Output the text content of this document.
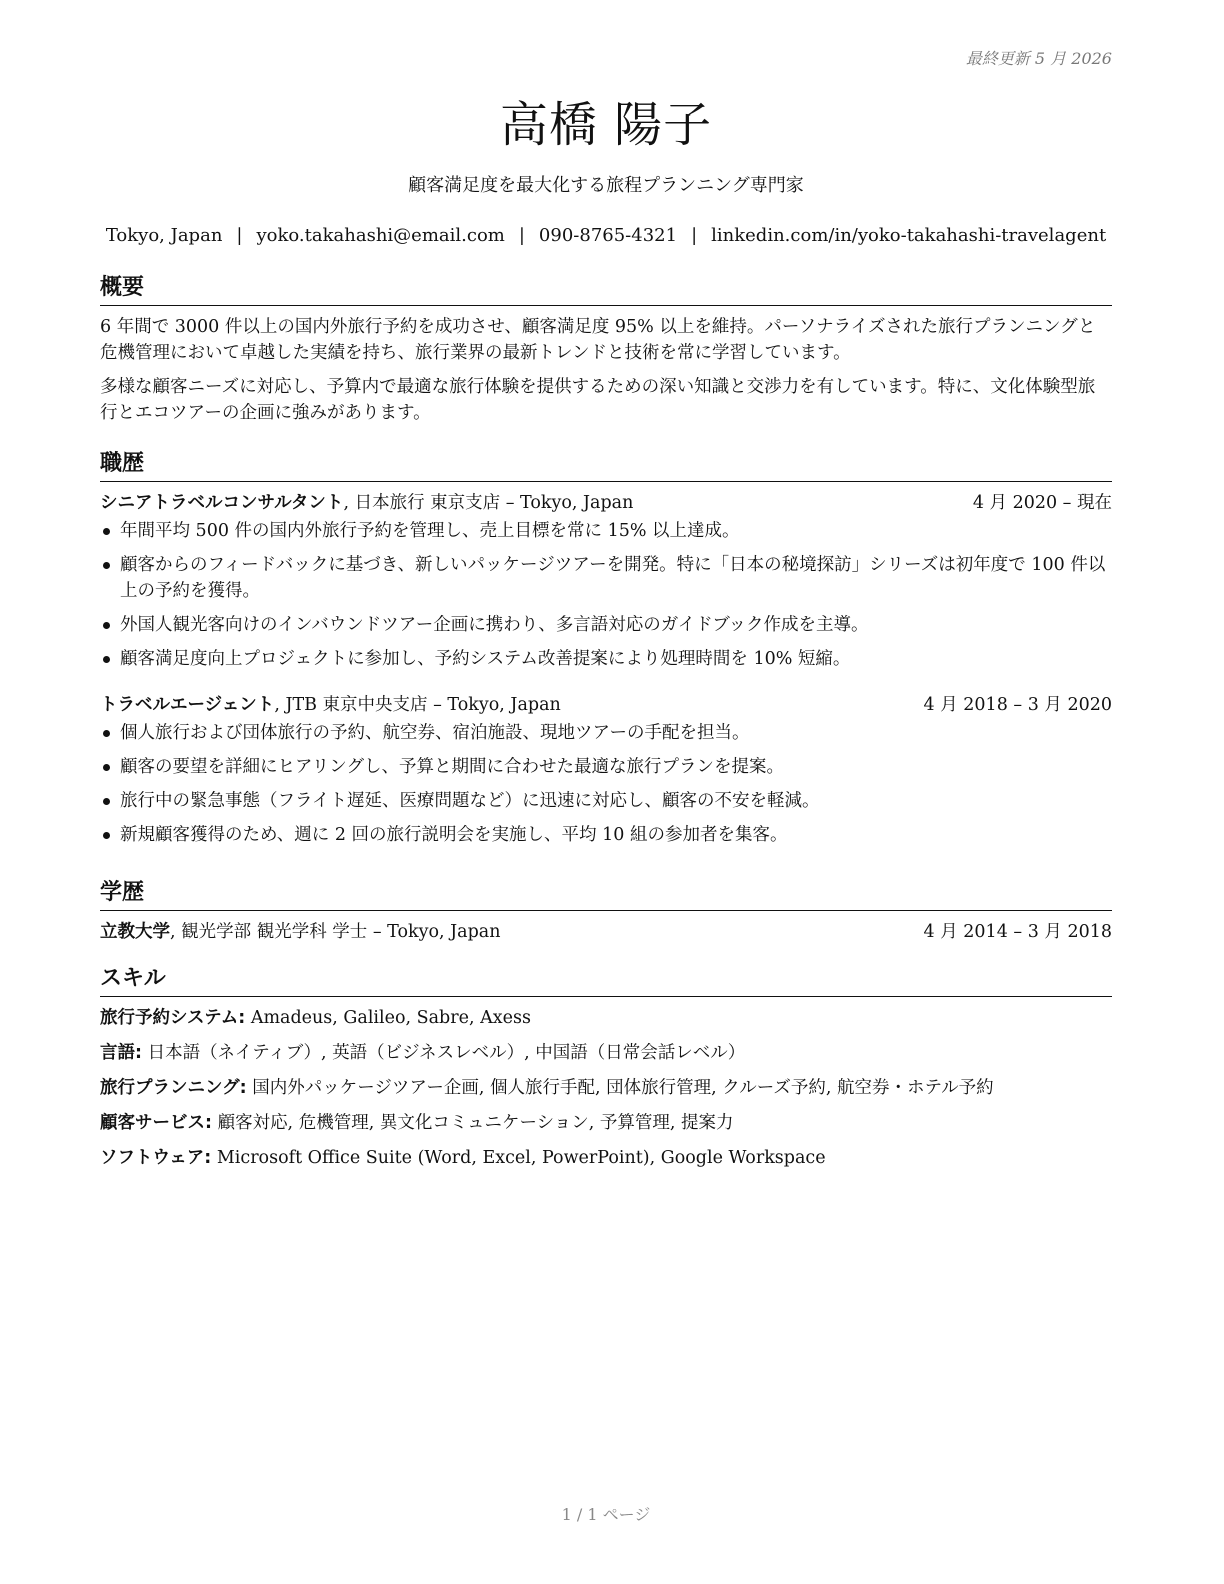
最終更新 5 月 2026
高橋 陽子
顧客満足度を最大化する旅程プランニング専門家
Tokyo, Japan | yoko.takahashi@email.com | 090-8765-4321 | linkedin.com/in/yoko-takahashi-travelagent
概要

6 年間で 3000 件以上の国内外旅行予約を成功させ、顧客満足度 95% 以上を維持。パーソナライズされた旅行プランニングと危機管理において卓越した実績を持ち、旅行業界の最新トレンドと技術を常に学習しています。

多様な顧客ニーズに対応し、予算内で最適な旅行体験を提供するための深い知識と交渉力を有しています。特に、文化体験型旅行とエコツアーの企画に強みがあります。

職歴
シニアトラベルコンサルタント, 日本旅行 東京支店 – Tokyo, Japan	4 月 2020 – 現在
年間平均 500 件の国内外旅行予約を管理し、売上目標を常に 15% 以上達成。
顧客からのフィードバックに基づき、新しいパッケージツアーを開発。特に「日本の秘境探訪」シリーズは初年度で 100 件以上の予約を獲得。
外国人観光客向けのインバウンドツアー企画に携わり、多言語対応のガイドブック作成を主導。
顧客満足度向上プロジェクトに参加し、予約システム改善提案により処理時間を 10% 短縮。
トラベルエージェント, JTB 東京中央支店 – Tokyo, Japan	4 月 2018 – 3 月 2020
個人旅行および団体旅行の予約、航空券、宿泊施設、現地ツアーの手配を担当。
顧客の要望を詳細にヒアリングし、予算と期間に合わせた最適な旅行プランを提案。
旅行中の緊急事態（フライト遅延、医療問題など）に迅速に対応し、顧客の不安を軽減。
新規顧客獲得のため、週に 2 回の旅行説明会を実施し、平均 10 組の参加者を集客。
学歴
立教大学, 観光学部 観光学科 学士 – Tokyo, Japan	4 月 2014 – 3 月 2018
スキル
旅行予約システム: Amadeus, Galileo, Sabre, Axess
言語: 日本語（ネイティブ）, 英語（ビジネスレベル）, 中国語（日常会話レベル）
旅行プランニング: 国内外パッケージツアー企画, 個人旅行手配, 団体旅行管理, クルーズ予約, 航空券・ホテル予約
顧客サービス: 顧客対応, 危機管理, 異文化コミュニケーション, 予算管理, 提案力
ソフトウェア: Microsoft Office Suite (Word, Excel, PowerPoint), Google Workspace
1 / 1 ページ
